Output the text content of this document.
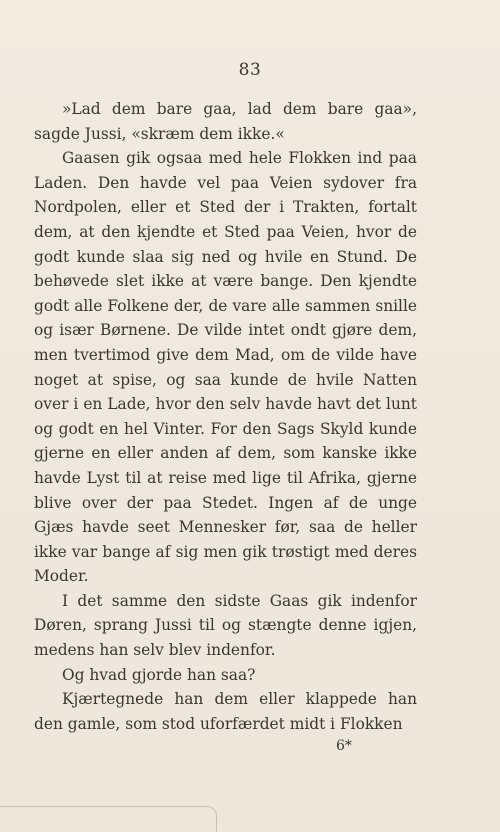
83

»Lad dem bare gaa, lad dem bare gaa», sagde Jussi, «skræm dem ikke.«

Gaasen gik ogsaa med hele Flokken ind paa Laden. Den havde vel paa Veien sydover fra Nordpolen, eller et Sted der i Trakten, fortalt dem, at den kjendte et Sted paa Veien, hvor de godt kunde slaa sig ned og hvile en Stund. De behøvede slet ikke at være bange. Den kjendte godt alle Folkene der, de vare alle sammen snille og især Børnene. De vilde intet ondt gjøre dem, men tvertimod give dem Mad, om de vilde have noget at spise, og saa kunde de hvile Natten over i en Lade, hvor den selv havde havt det lunt og godt en hel Vinter. For den Sags Skyld kunde gjerne en eller anden af dem, som kanske ikke havde Lyst til at reise med lige til Afrika, gjerne blive over der paa Stedet. Ingen af de unge Gjæs havde seet Mennesker før, saa de heller ikke var bange af sig men gik trøstigt med deres Moder.

I det samme den sidste Gaas gik indenfor Døren, sprang Jussi til og stængte denne igjen, medens han selv blev indenfor.

Og hvad gjorde han saa?

Kjærtegnede han dem eller klappede han den gamle, som stod uforfærdet midt i Flokken

6*
